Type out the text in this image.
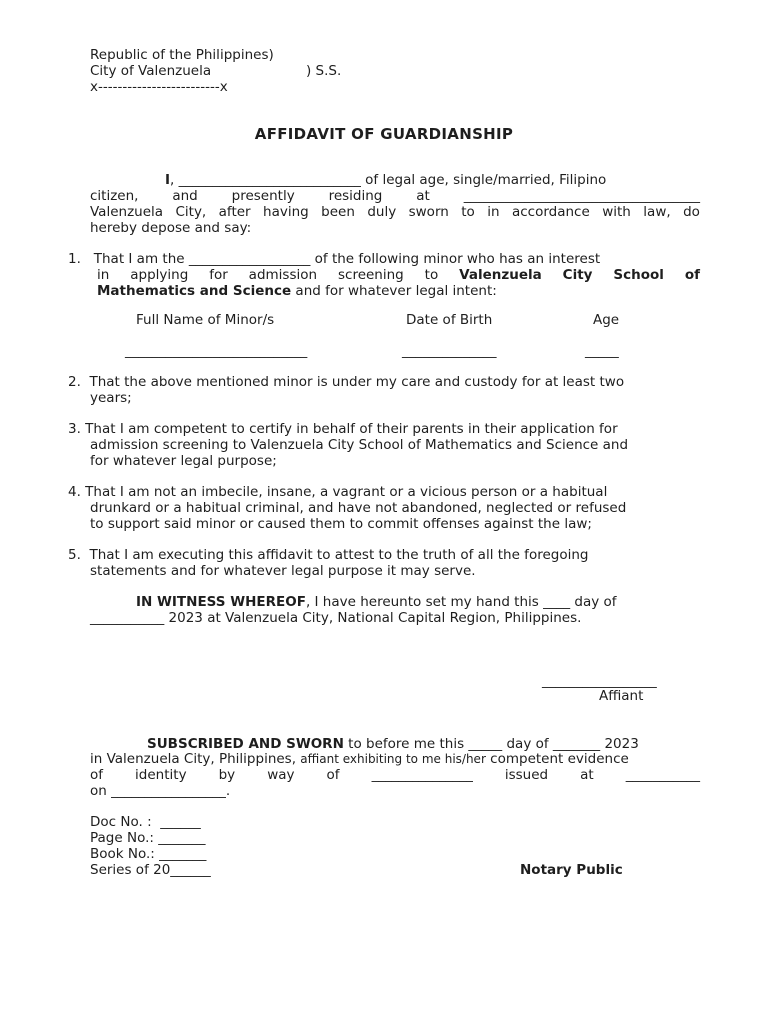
Republic of the Philippines)
City of Valenzuela	) S.S.
x-------------------------x
AFFIDAVIT OF GUARDIANSHIP
I, ___________________________ of legal age, single/married, Filipino
citizen,	and	presently	residing	at	___________________________________
Valenzuela City, after having been duly sworn to in accordance with law, do
hereby depose and say:
1.   That I am the __________________ of the following minor who has an interest
in applying for admission screening to Valenzuela City School of
Mathematics and Science and for whatever legal intent:
Full Name of Minor/s	Date of Birth	Age
___________________________	______________	_____
2.  That the above mentioned minor is under my care and custody for at least two
years;
3. That I am competent to certify in behalf of their parents in their application for
admission screening to Valenzuela City School of Mathematics and Science and
for whatever legal purpose;
4. That I am not an imbecile, insane, a vagrant or a vicious person or a habitual
drunkard or a habitual criminal, and have not abandoned, neglected or refused
to support said minor or caused them to commit offenses against the law;
5.  That I am executing this affidavit to attest to the truth of all the foregoing
statements and for whatever legal purpose it may serve.
IN WITNESS WHEREOF, I have hereunto set my hand this ____ day of
___________ 2023 at Valenzuela City, National Capital Region, Philippines.
_________________
Affiant
SUBSCRIBED AND SWORN to before me this _____ day of _______ 2023
in Valenzuela City, Philippines, affiant exhibiting to me his/her competent evidence
of identity by way of _______________ issued at ___________
on _________________.
Doc No. :  ______
Page No.: _______
Book No.: _______
Series of 20______	Notary Public
